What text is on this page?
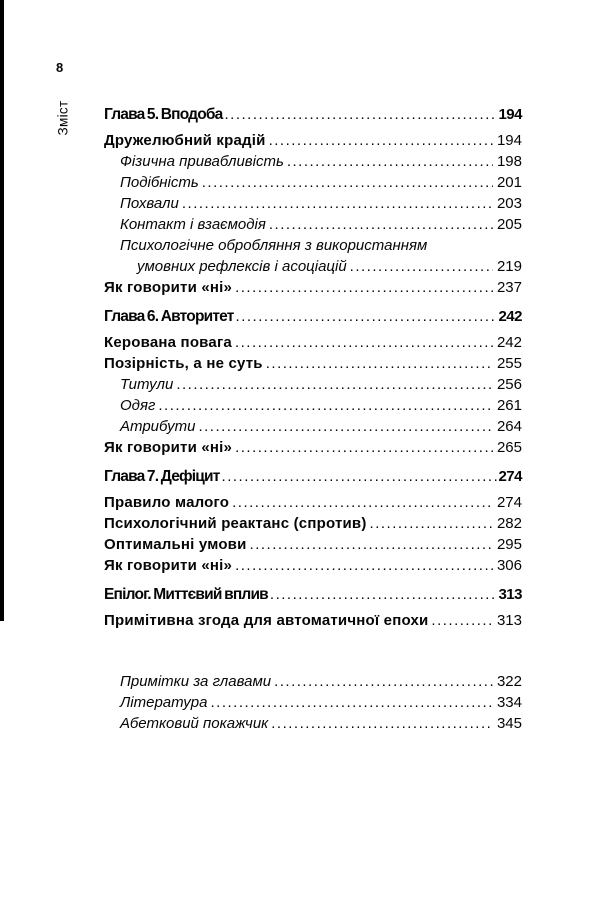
8
Зміст Глава 5. Вподоба .....	194
Дружелюбний крадій .....	194
Фізична привабливість .....	198
Подібність .....	201
Похвали .....	203
Контакт і взаємодія .....	205
Психологічне обробляння з використанням
умовних рефлексів і асоціацій .....	219
Як говорити «ні» .....	237
Глава 6. Авторитет .....	242
Керована повага .....	242
Позірність, а не суть .....	255
Титули .....	256
Одяг .....	261
Атрибути .....	264
Як говорити «ні» .....	265
Глава 7. Дефіцит .....	274
Правило малого .....	274
Психологічний реактанс (спротив) .....	282
Оптимальні умови .....	295
Як говорити «ні» .....	306
Епілог. Миттєвий вплив .....	313
Примітивна згода для автоматичної епохи .....	313
Примітки за главами .....	322
Література .....	334
Абетковий покажчик .....	345
